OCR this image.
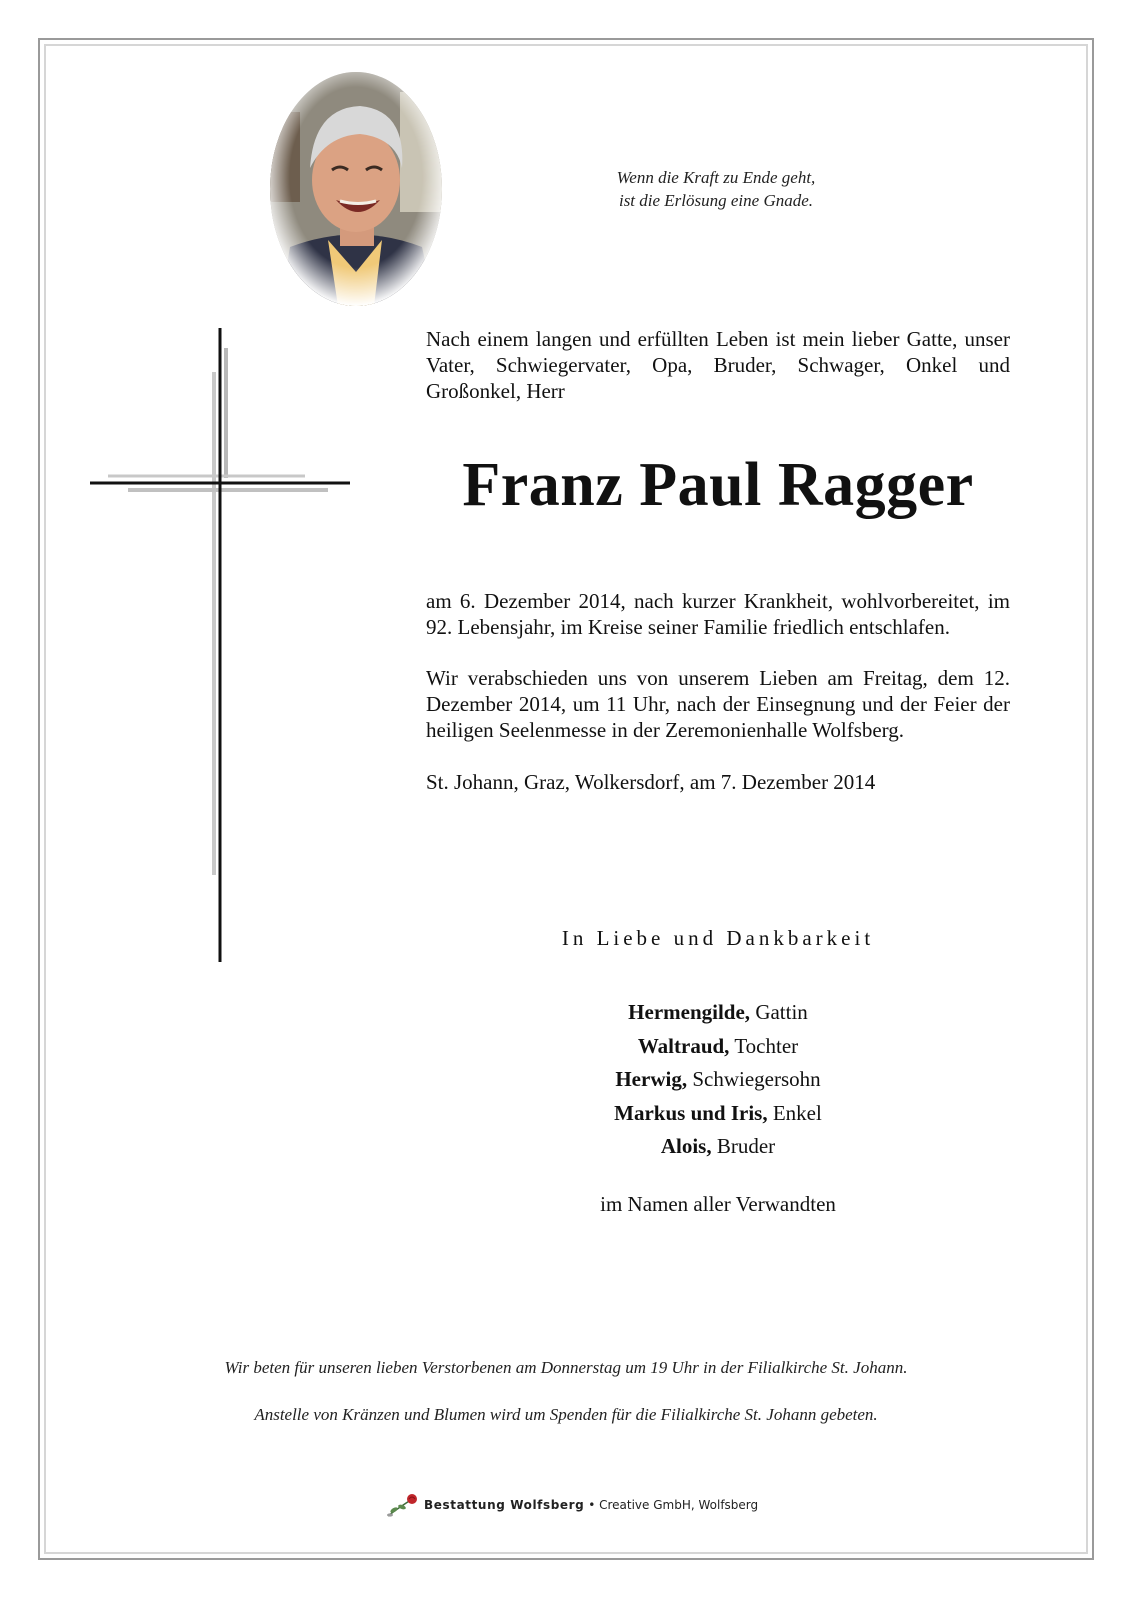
Wenn die Kraft zu Ende geht,
ist die Erlösung eine Gnade.
Nach einem langen und erfüllten Leben ist mein lieber Gatte, unser Vater, Schwiegervater, Opa, Bruder, Schwager, Onkel und Großonkel, Herr
Franz Paul Ragger
am 6. Dezember 2014, nach kurzer Krankheit, wohlvorbereitet, im 92. Lebensjahr, im Kreise seiner Familie friedlich entschlafen.
Wir verabschieden uns von unserem Lieben am Freitag, dem 12. Dezember 2014, um 11 Uhr, nach der Einsegnung und der Feier der heiligen Seelenmesse in der Zeremonienhalle Wolfsberg.
St. Johann, Graz, Wolkersdorf, am 7. Dezember 2014
In Liebe und Dankbarkeit
Hermengilde, Gattin
Waltraud, Tochter
Herwig, Schwiegersohn
Markus und Iris, Enkel
Alois, Bruder
im Namen aller Verwandten
Wir beten für unseren lieben Verstorbenen am Donnerstag um 19 Uhr in der Filialkirche St. Johann.
Anstelle von Kränzen und Blumen wird um Spenden für die Filialkirche St. Johann gebeten.
Bestattung Wolfsberg • Creative GmbH, Wolfsberg
